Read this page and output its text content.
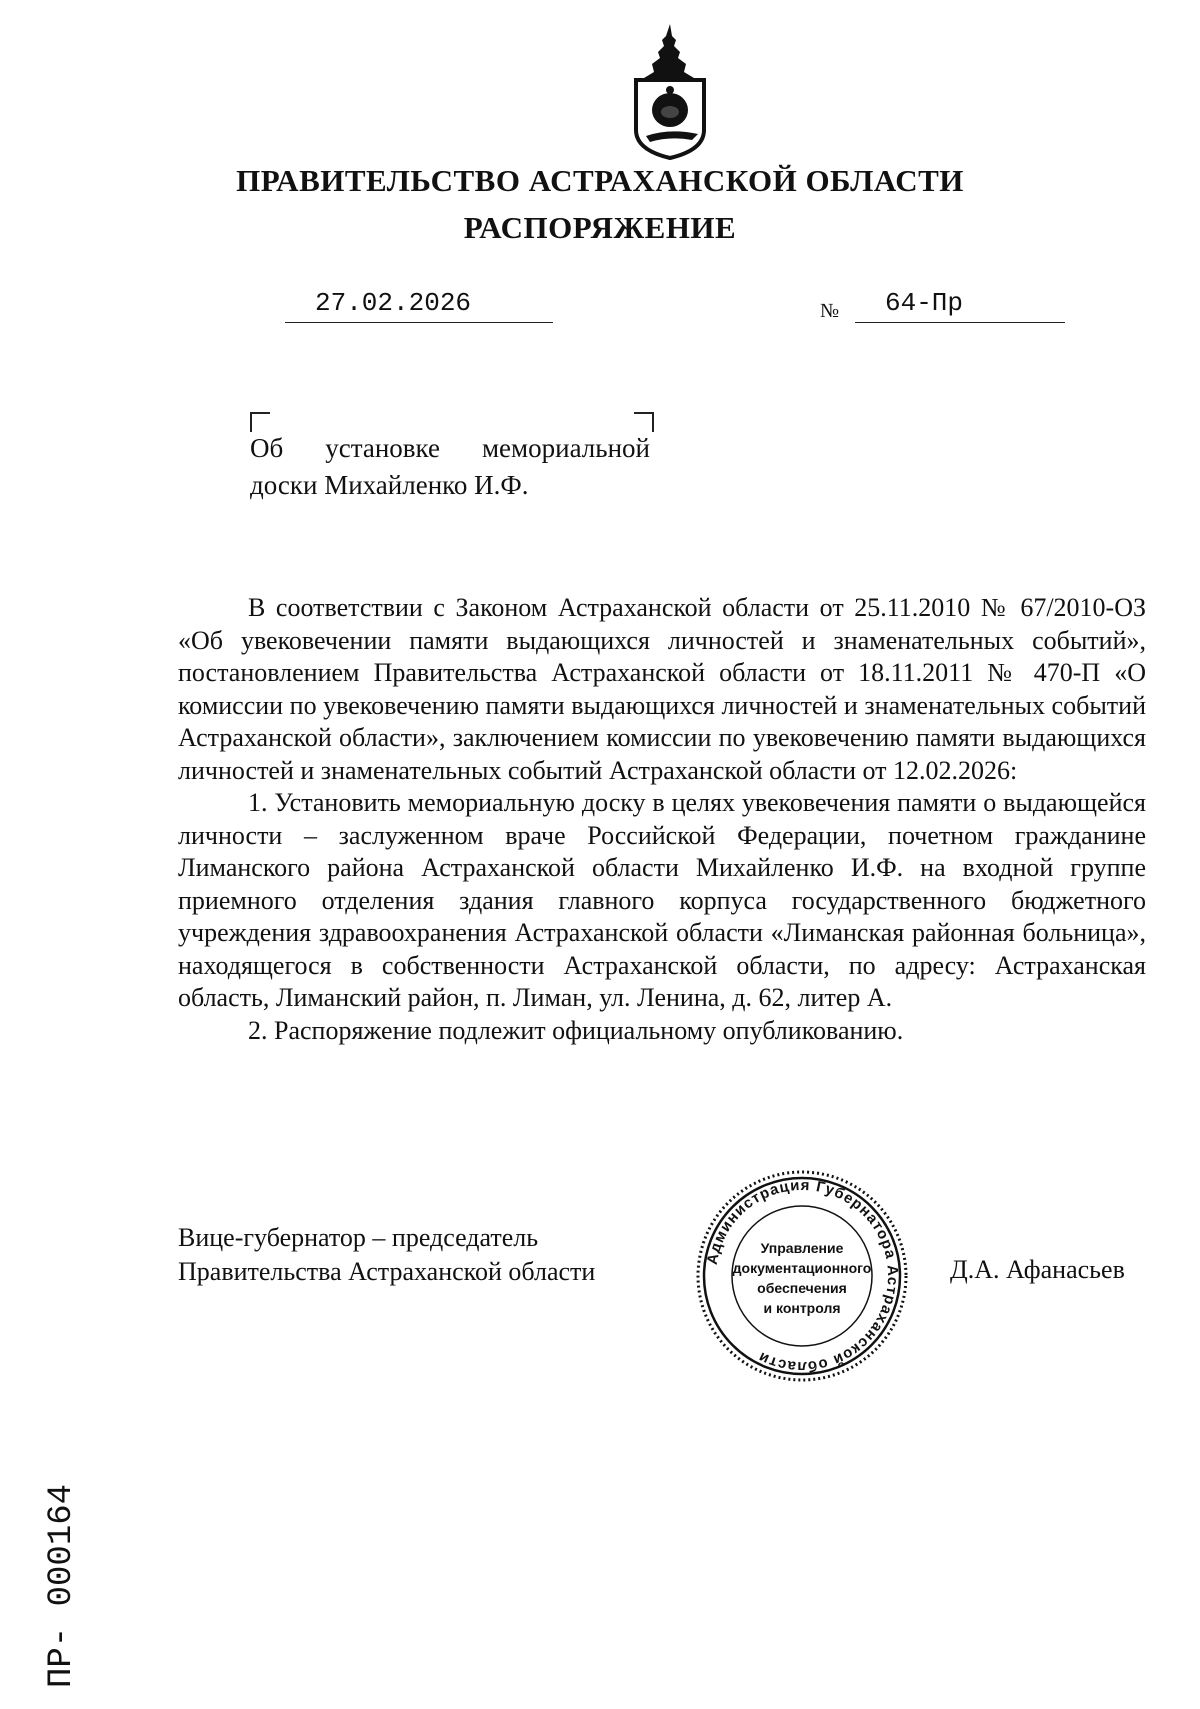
ПРАВИТЕЛЬСТВО АСТРАХАНСКОЙ ОБЛАСТИ
РАСПОРЯЖЕНИЕ
27.02.2026	№ 64-Пр
Об установке мемориальной
доски Михайленко И.Ф.

В соответствии с Законом Астраханской области от 25.11.2010 № 67/2010-ОЗ «Об увековечении памяти выдающихся личностей и знаменательных событий», постановлением Правительства Астраханской области от 18.11.2011 № 470-П «О комиссии по увековечению памяти выдающихся личностей и знаменательных событий Астраханской области», заключением комиссии по увековечению памяти выдающихся личностей и знаменательных событий Астраханской области от 12.02.2026:

1. Установить мемориальную доску в целях увековечения памяти о выдающейся личности – заслуженном враче Российской Федерации, почетном гражданине Лиманского района Астраханской области Михайленко И.Ф. на входной группе приемного отделения здания главного корпуса государственного бюджетного учреждения здравоохранения Астраханской области «Лиманская районная больница», находящегося в собственности Астраханской области, по адресу: Астраханская область, Лиманский район, п. Лиман, ул. Ленина, д. 62, литер А.

2. Распоряжение подлежит официальному опубликованию.

Вице-губернатор – председатель
Правительства Астраханской области	Администрация Губернатора Астраханской области
Управление
документационного
обеспечения
и контроля
Д.А. Афанасьев
ПР- 000164
